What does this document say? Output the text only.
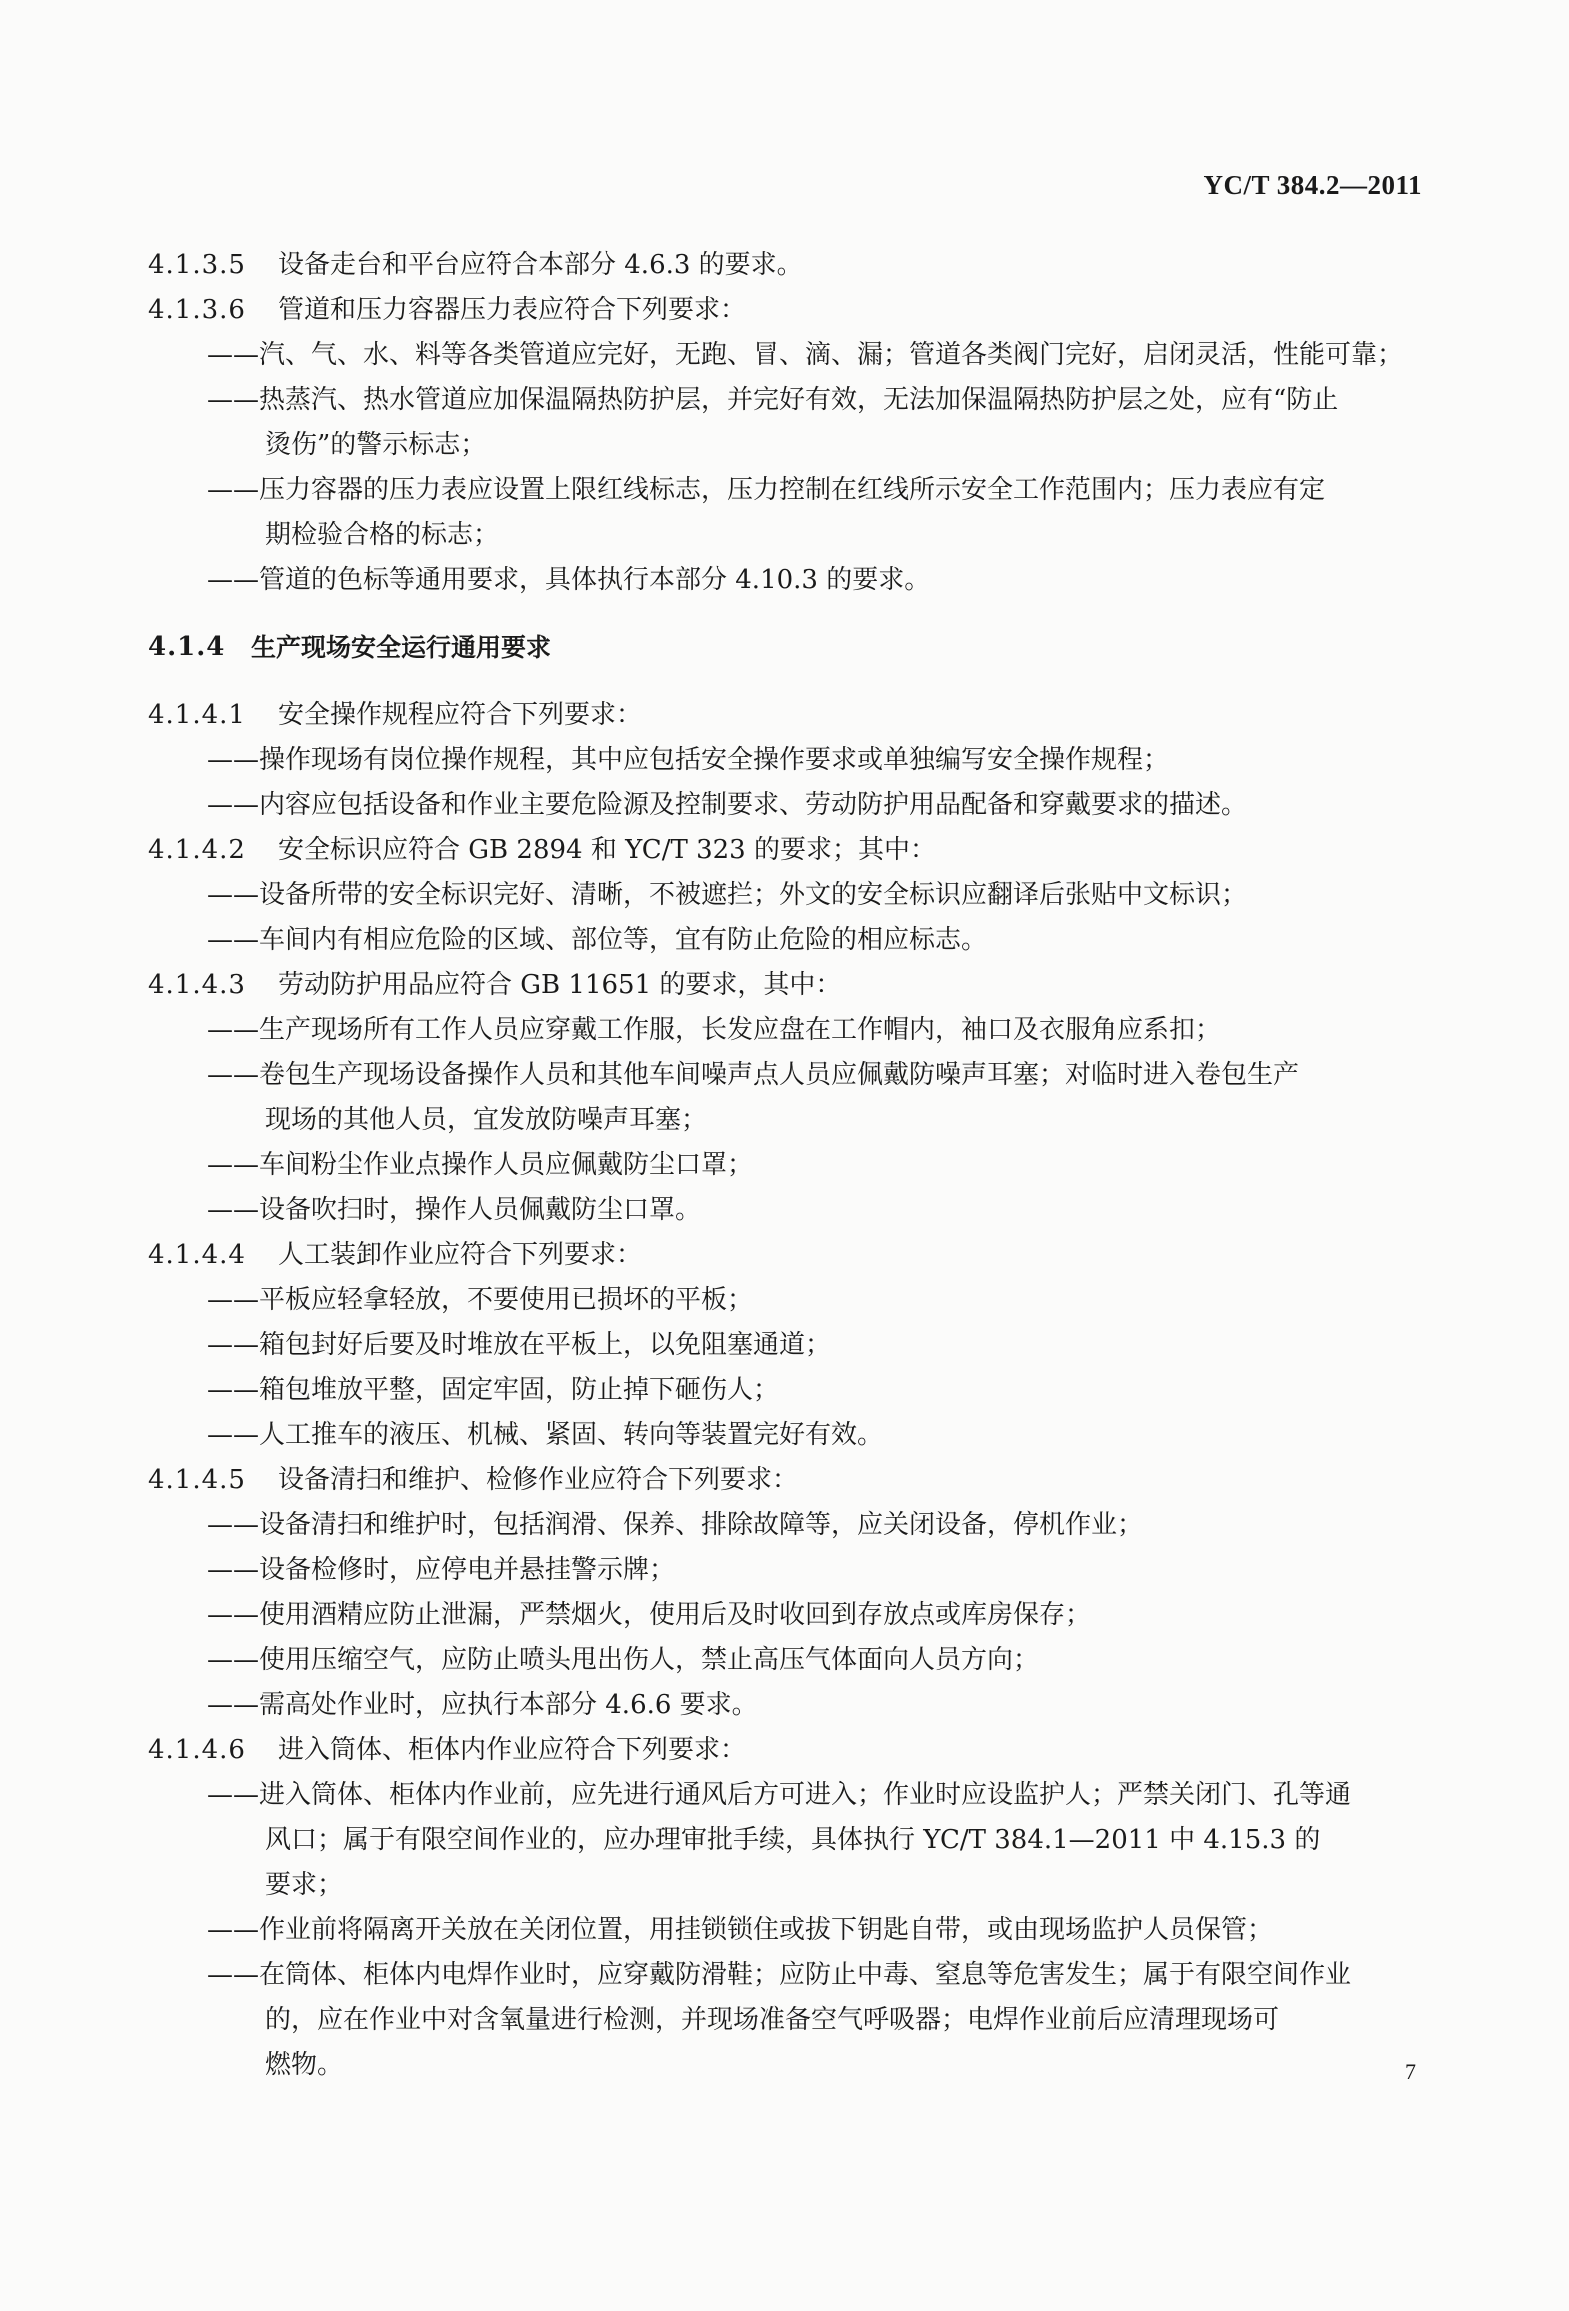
YC/T 384.2—2011
4.1.3.5	设备走台和平台应符合本部分 4.6.3 的要求。
4.1.3.6	管道和压力容器压力表应符合下列要求：
——汽、气、水、料等各类管道应完好，无跑、冒、滴、漏；管道各类阀门完好，启闭灵活，性能可靠；
——热蒸汽、热水管道应加保温隔热防护层，并完好有效，无法加保温隔热防护层之处，应有“防止
烫伤”的警示标志；
——压力容器的压力表应设置上限红线标志，压力控制在红线所示安全工作范围内；压力表应有定
期检验合格的标志；
——管道的色标等通用要求，具体执行本部分 4.10.3 的要求。
4.1.4 生产现场安全运行通用要求
4.1.4.1	安全操作规程应符合下列要求：
——操作现场有岗位操作规程，其中应包括安全操作要求或单独编写安全操作规程；
——内容应包括设备和作业主要危险源及控制要求、劳动防护用品配备和穿戴要求的描述。
4.1.4.2	安全标识应符合 GB 2894 和 YC/T 323 的要求；其中：
——设备所带的安全标识完好、清晰，不被遮拦；外文的安全标识应翻译后张贴中文标识；
——车间内有相应危险的区域、部位等，宜有防止危险的相应标志。
4.1.4.3	劳动防护用品应符合 GB 11651 的要求，其中：
——生产现场所有工作人员应穿戴工作服，长发应盘在工作帽内，袖口及衣服角应系扣；
——卷包生产现场设备操作人员和其他车间噪声点人员应佩戴防噪声耳塞；对临时进入卷包生产
现场的其他人员，宜发放防噪声耳塞；
——车间粉尘作业点操作人员应佩戴防尘口罩；
——设备吹扫时，操作人员佩戴防尘口罩。
4.1.4.4	人工装卸作业应符合下列要求：
——平板应轻拿轻放，不要使用已损坏的平板；
——箱包封好后要及时堆放在平板上，以免阻塞通道；
——箱包堆放平整，固定牢固，防止掉下砸伤人；
——人工推车的液压、机械、紧固、转向等装置完好有效。
4.1.4.5	设备清扫和维护、检修作业应符合下列要求：
——设备清扫和维护时，包括润滑、保养、排除故障等，应关闭设备，停机作业；
——设备检修时，应停电并悬挂警示牌；
——使用酒精应防止泄漏，严禁烟火，使用后及时收回到存放点或库房保存；
——使用压缩空气，应防止喷头甩出伤人，禁止高压气体面向人员方向；
——需高处作业时，应执行本部分 4.6.6 要求。
4.1.4.6	进入筒体、柜体内作业应符合下列要求：
——进入筒体、柜体内作业前，应先进行通风后方可进入；作业时应设监护人；严禁关闭门、孔等通
风口；属于有限空间作业的，应办理审批手续，具体执行 YC/T 384.1—2011 中 4.15.3 的
要求；
——作业前将隔离开关放在关闭位置，用挂锁锁住或拔下钥匙自带，或由现场监护人员保管；
——在筒体、柜体内电焊作业时，应穿戴防滑鞋；应防止中毒、窒息等危害发生；属于有限空间作业
的，应在作业中对含氧量进行检测，并现场准备空气呼吸器；电焊作业前后应清理现场可
燃物。	7
